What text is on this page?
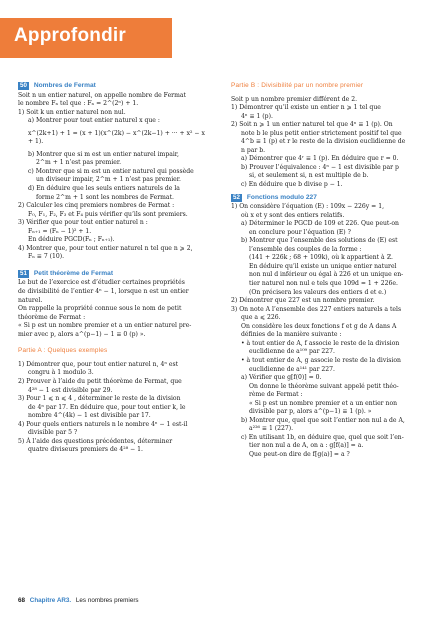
Approfondir
50	Nombres de Fermat

Soit n un entier naturel, on appelle nombre de Fermat

le nombre Fₙ tel que : Fₙ = 2^(2ⁿ) + 1.

1) Soit k un entier naturel non nul.

a) Montrer pour tout entier naturel x que :

x^(2k+1) + 1 = (x + 1)(x^(2k) − x^(2k−1) + ··· + x² − x + 1).

b) Montrer que si m est un entier naturel impair,

2^m + 1 n’est pas premier.

c) Montrer que si m est un entier naturel qui possède

un diviseur impair, 2^m + 1 n’est pas premier.

d) En déduire que les seuls entiers naturels de la

forme 2^m + 1 sont les nombres de Fermat.

2) Calculer les cinq premiers nombres de Fermat :

F₀, F₁, F₂, F₃ et F₄ puis vérifier qu’ils sont premiers.

3) Vérifier que pour tout entier naturel n :

Fₙ₊₁ = (Fₙ − 1)² + 1.

En déduire PGCD(Fₙ ; Fₙ₊₁).

4) Montrer que, pour tout entier naturel n tel que n ⩾ 2,

Fₙ ≡ 7 (10).

51	Petit théorème de Fermat

Le but de l’exercice est d’étudier certaines propriétés

de divisibilité de l’entier 4ⁿ − 1, lorsque n est un entier

naturel.

On rappelle la propriété connue sous le nom de petit

théorème de Fermat :

« Si p est un nombre premier et a un entier naturel pre-

mier avec p, alors a^(p−1) − 1 ≡ 0 (p) ».

Partie A : Quelques exemples

1) Démontrer que, pour tout entier naturel n, 4ⁿ est

congru à 1 modulo 3.

2) Prouver à l’aide du petit théorème de Fermat, que

4²⁸ − 1 est divisible par 29.

3) Pour 1 ⩽ n ⩽ 4 , déterminer le reste de la division

de 4ⁿ par 17. En déduire que, pour tout entier k, le

nombre 4^(4k) − 1 est divisible par 17.

4) Pour quels entiers naturels n le nombre 4ⁿ − 1 est-il

divisible par 5 ?

5) À l’aide des questions précédentes, déterminer

quatre diviseurs premiers de 4²⁸ − 1.

Partie B : Divisibilité par un nombre premier

Soit p un nombre premier différent de 2.

1) Démontrer qu’il existe un entier n ⩾ 1 tel que

4ⁿ ≡ 1 (p).

2) Soit n ⩾ 1 un entier naturel tel que 4ⁿ ≡ 1 (p). On

note b le plus petit entier strictement positif tel que

4^b ≡ 1 (p) et r le reste de la division euclidienne de

n par b.

a) Démontrer que 4ʳ ≡ 1 (p). En déduire que r = 0.

b) Prouver l’équivalence : 4ⁿ − 1 est divisible par p

si, et seulement si, n est multiple de b.

c) En déduire que b divise p − 1.

52	Fonctions modulo 227

1) On considère l’équation (E) : 109x − 226y = 1,

où x et y sont des entiers relatifs.

a) Déterminer le PGCD de 109 et 226. Que peut-on

en conclure pour l’équation (E) ?

b) Montrer que l’ensemble des solutions de (E) est

l’ensemble des couples de la forme :

(141 + 226k ; 68 + 109k), où k appartient à ℤ.

En déduire qu’il existe un unique entier naturel

non nul d inférieur ou égal à 226 et un unique en-

tier naturel non nul e tels que 109d = 1 + 226e.

(On précisera les valeurs des entiers d et e.)

2) Démontrer que 227 est un nombre premier.

3) On note A l’ensemble des 227 entiers naturels a tels

que a ⩽ 226.

On considère les deux fonctions f et g de A dans A

définies de la manière suivante :

• à tout entier de A, f associe le reste de la division

euclidienne de a¹⁰⁹ par 227.

• à tout entier de A, g associe le reste de la division

euclidienne de a¹⁴¹ par 227.

a) Vérifier que g[f(0)] = 0.

On donne le théorème suivant appelé petit théo-

rème de Fermat :

« Si p est un nombre premier et a un entier non

divisible par p, alors a^(p−1) ≡ 1 (p). »

b) Montrer que, quel que soit l’entier non nul a de A,

a²²⁶ ≡ 1 (227).

c) En utilisant 1b, en déduire que, quel que soit l’en-

tier non nul a de A, on a : g[f(a)] = a.

Que peut-on dire de f[g(a)] = a ?

68 Chapitre AR3. Les nombres premiers
